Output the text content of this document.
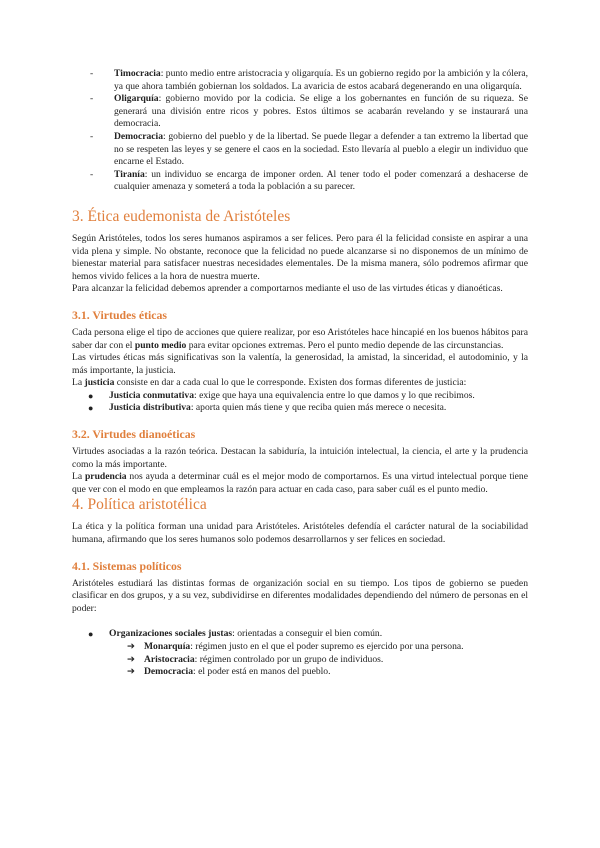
- Timocracia: punto medio entre aristocracia y oligarquía. Es un gobierno regido por la ambición y la cólera, ya que ahora también gobiernan los soldados. La avaricia de estos acabará degenerando en una oligarquía.
- Oligarquía: gobierno movido por la codicia. Se elige a los gobernantes en función de su riqueza. Se generará una división entre ricos y pobres. Estos últimos se acabarán revelando y se instaurará una democracia.
- Democracia: gobierno del pueblo y de la libertad. Se puede llegar a defender a tan extremo la libertad que no se respeten las leyes y se genere el caos en la sociedad. Esto llevaría al pueblo a elegir un individuo que encarne el Estado.
- Tiranía: un individuo se encarga de imponer orden. Al tener todo el poder comenzará a deshacerse de cualquier amenaza y someterá a toda la población a su parecer.
3. Ética eudemonista de Aristóteles

Según Aristóteles, todos los seres humanos aspiramos a ser felices. Pero para él la felicidad consiste en aspirar a una vida plena y simple. No obstante, reconoce que la felicidad no puede alcanzarse si no disponemos de un mínimo de bienestar material para satisfacer nuestras necesidades elementales. De la misma manera, sólo podremos afirmar que hemos vivido felices a la hora de nuestra muerte.

Para alcanzar la felicidad debemos aprender a comportarnos mediante el uso de las virtudes éticas y dianoéticas.

3.1. Virtudes éticas

Cada persona elige el tipo de acciones que quiere realizar, por eso Aristóteles hace hincapié en los buenos hábitos para saber dar con el punto medio para evitar opciones extremas. Pero el punto medio depende de las circunstancias.

Las virtudes éticas más significativas son la valentía, la generosidad, la amistad, la sinceridad, el autodominio, y la más importante, la justicia.

La justicia consiste en dar a cada cual lo que le corresponde. Existen dos formas diferentes de justicia:

● Justicia conmutativa: exige que haya una equivalencia entre lo que damos y lo que recibimos.
● Justicia distributiva: aporta quien más tiene y que reciba quien más merece o necesita.
3.2. Virtudes dianoéticas

Virtudes asociadas a la razón teórica. Destacan la sabiduría, la intuición intelectual, la ciencia, el arte y la prudencia como la más importante.

La prudencia nos ayuda a determinar cuál es el mejor modo de comportarnos. Es una virtud intelectual porque tiene que ver con el modo en que empleamos la razón para actuar en cada caso, para saber cuál es el punto medio.

4. Política aristotélica

La ética y la política forman una unidad para Aristóteles. Aristóteles defendía el carácter natural de la sociabilidad humana, afirmando que los seres humanos solo podemos desarrollarnos y ser felices en sociedad.

4.1. Sistemas políticos

Aristóteles estudiará las distintas formas de organización social en su tiempo. Los tipos de gobierno se pueden clasificar en dos grupos, y a su vez, subdividirse en diferentes modalidades dependiendo del número de personas en el poder:

● Organizaciones sociales justas: orientadas a conseguir el bien común.
➔ Monarquía: régimen justo en el que el poder supremo es ejercido por una persona.
➔ Aristocracia: régimen controlado por un grupo de individuos.
➔ Democracia: el poder está en manos del pueblo.
